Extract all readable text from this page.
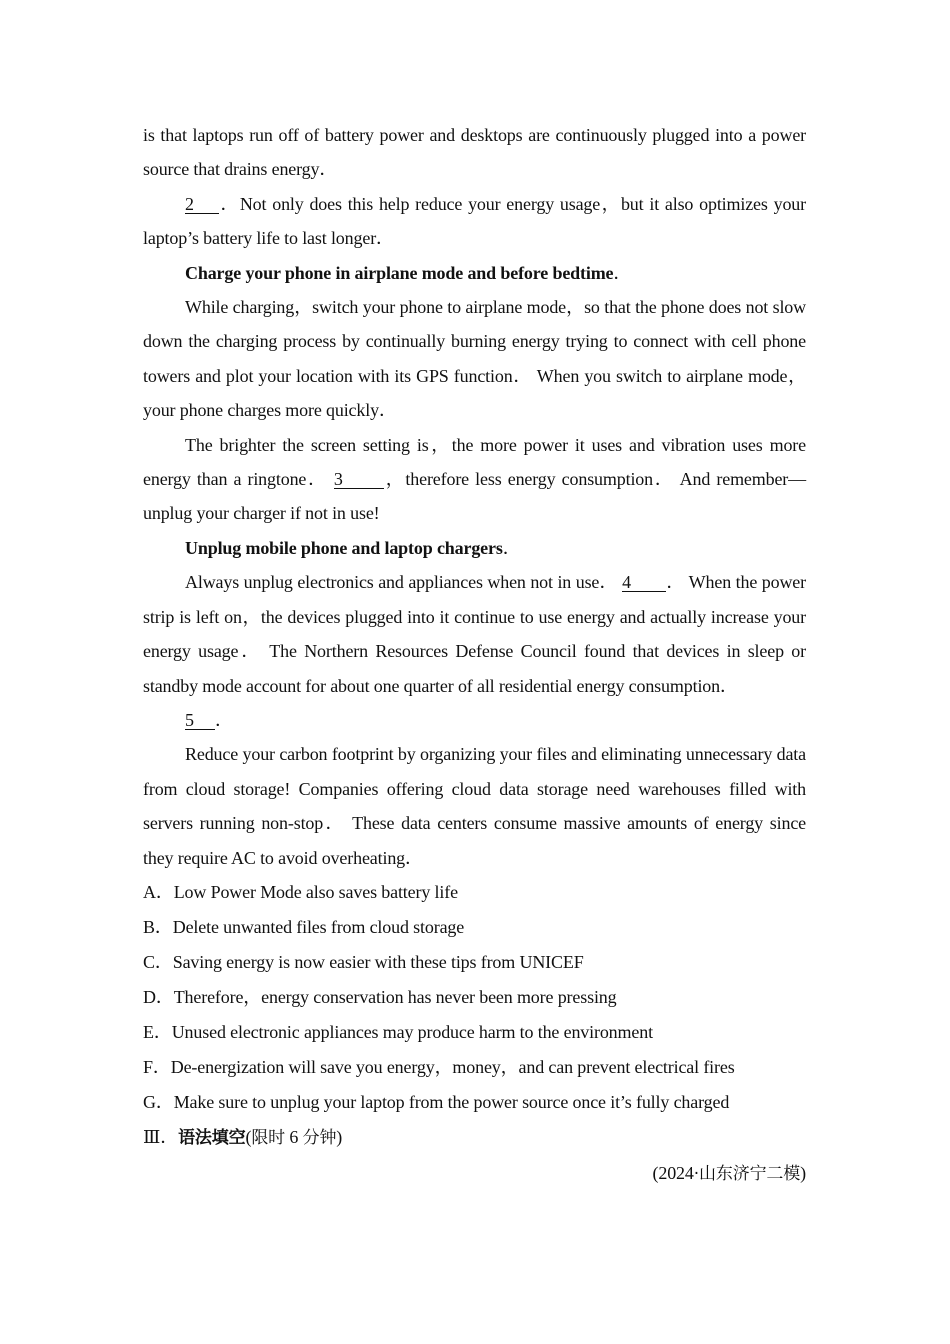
is that laptops run off of battery power and desktops are continuously plugged into a power source that drains energy．

2 ．Not only does this help reduce your energy usage，but it also optimizes your laptop’s battery life to last longer．

Charge your phone in airplane mode and before bedtime．

While charging，switch your phone to airplane mode，so that the phone does not slow down the charging process by continually burning energy trying to connect with cell phone towers and plot your location with its GPS function． When you switch to airplane mode，your phone charges more quickly．

The brighter the screen setting is，the more power it uses and vibration uses more energy than a ringtone． 3 ，therefore less energy consumption． And remember—unplug your charger if not in use!

Unplug mobile phone and laptop chargers．

Always unplug electronics and appliances when not in use． 4 ． When the power strip is left on，the devices plugged into it continue to use energy and actually increase your energy usage． The Northern Resources Defense Council found that devices in sleep or standby mode account for about one quarter of all residential energy consumption．

5 ．

Reduce your carbon footprint by organizing your files and eliminating unnecessary data from cloud storage! Companies offering cloud data storage need warehouses filled with servers running non-stop． These data centers consume massive amounts of energy since they require AC to avoid overheating．

A．Low Power Mode also saves battery life

B．Delete unwanted files from cloud storage

C．Saving energy is now easier with these tips from UNICEF

D．Therefore，energy conservation has never been more pressing

E．Unused electronic appliances may produce harm to the environment

F．De-energization will save you energy，money，and can prevent electrical fires

G．Make sure to unplug your laptop from the power source once it’s fully charged

Ⅲ．语法填空(限时 6 分钟)

(2024·山东济宁二模)
